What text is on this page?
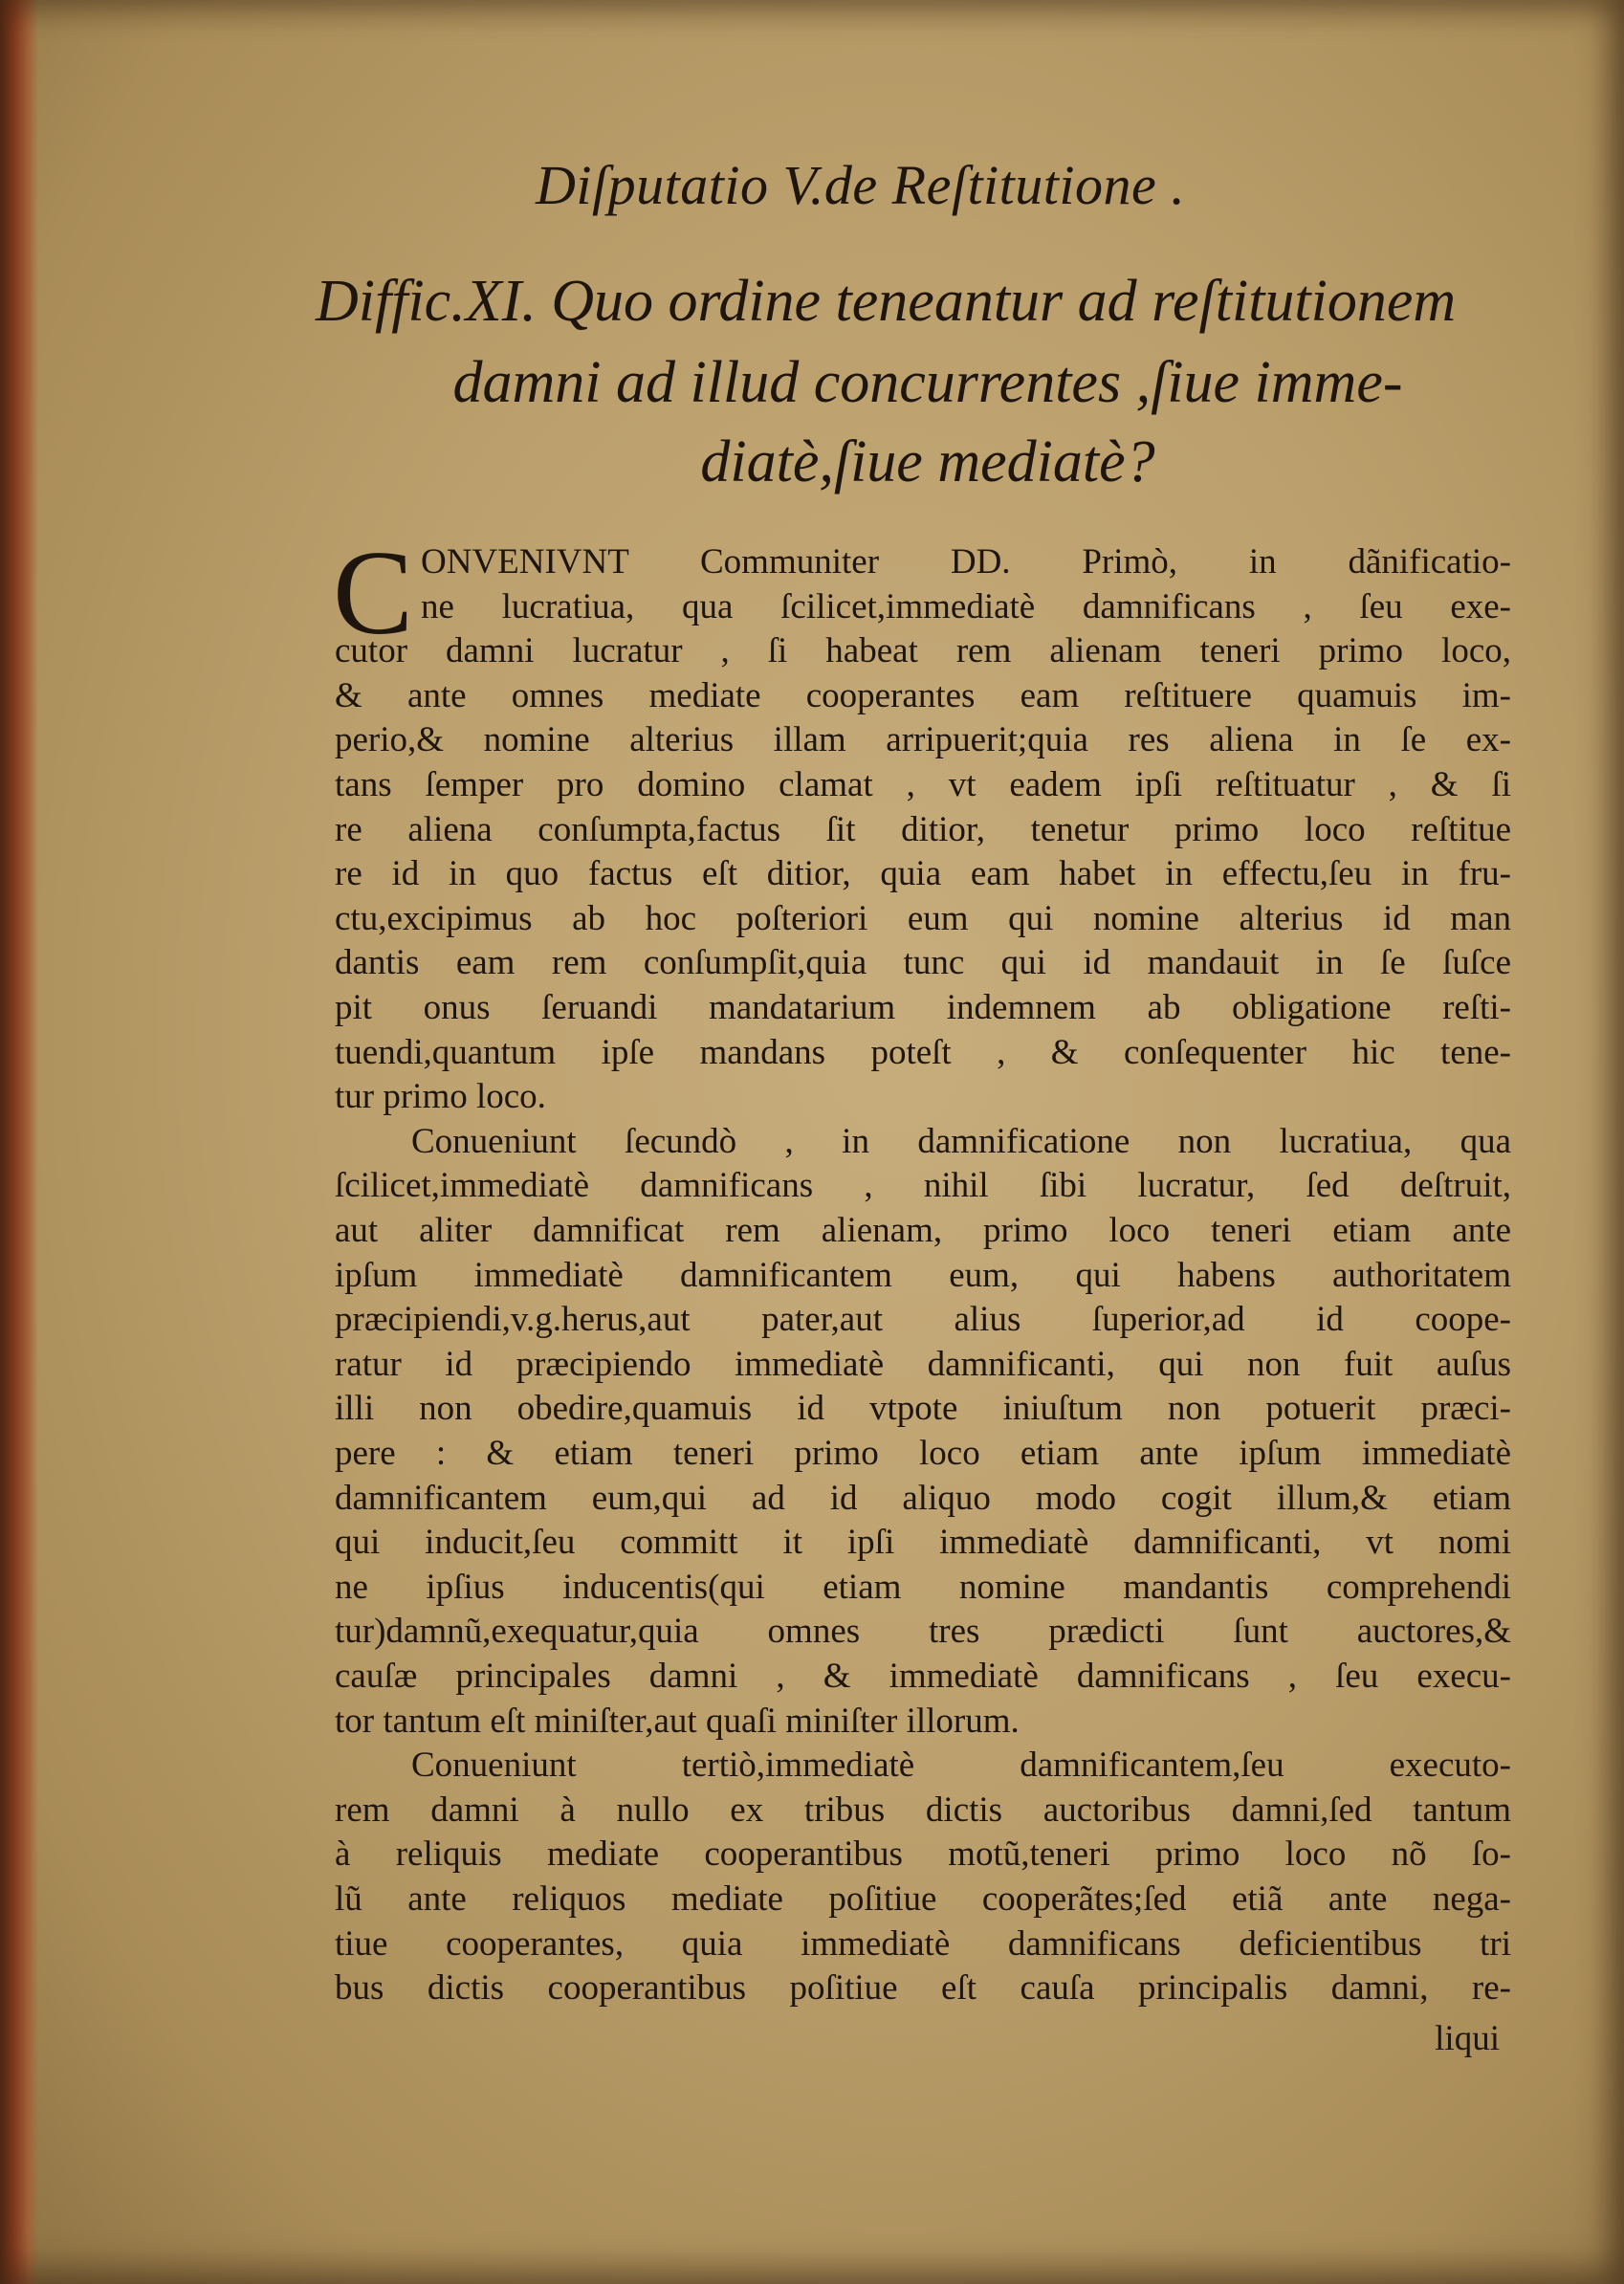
Diſputatio V.de Reſtitutione .
Diffic.XI. Quo ordine teneantur ad reſtitutionem
damni ad illud concurrentes ,ſiue imme-
diatè,ſiue mediatè?
C ONVENIVNT Communiter DD. Primò, in dãnificatio-
ne lucratiua, qua ſcilicet,immediatè damnificans , ſeu exe-
cutor damni lucratur , ſi habeat rem alienam teneri primo loco,
& ante omnes mediate cooperantes eam reſtituere quamuis im-
perio,& nomine alterius illam arripuerit;quia res aliena in ſe ex-
tans ſemper pro domino clamat , vt eadem ipſi reſtituatur , & ſi
re aliena conſumpta,factus ſit ditior, tenetur primo loco reſtitue
re id in quo factus eſt ditior, quia eam habet in effectu,ſeu in fru-
ctu,excipimus ab hoc poſteriori eum qui nomine alterius id man
dantis eam rem conſumpſit,quia tunc qui id mandauit in ſe ſuſce
pit onus ſeruandi mandatarium indemnem ab obligatione reſti-
tuendi,quantum ipſe mandans poteſt , & conſequenter hic tene-
tur primo loco.
Conueniunt ſecundò , in damnificatione non lucratiua, qua
ſcilicet,immediatè damnificans , nihil ſibi lucratur, ſed deſtruit,
aut aliter damnificat rem alienam, primo loco teneri etiam ante
ipſum immediatè damnificantem eum, qui habens authoritatem
præcipiendi,v.g.herus,aut pater,aut alius ſuperior,ad id coope-
ratur id præcipiendo immediatè damnificanti, qui non fuit auſus
illi non obedire,quamuis id vtpote iniuſtum non potuerit præci-
pere : & etiam teneri primo loco etiam ante ipſum immediatè
damnificantem eum,qui ad id aliquo modo cogit illum,& etiam
qui inducit,ſeu committ it ipſi immediatè damnificanti, vt nomi
ne ipſius inducentis(qui etiam nomine mandantis comprehendi
tur)damnũ,exequatur,quia omnes tres prædicti ſunt auctores,&
cauſæ principales damni , & immediatè damnificans , ſeu execu-
tor tantum eſt miniſter,aut quaſi miniſter illorum.
Conueniunt tertiò,immediatè damnificantem,ſeu executo-
rem damni à nullo ex tribus dictis auctoribus damni,ſed tantum
à reliquis mediate cooperantibus motũ,teneri primo loco nõ ſo-
lũ ante reliquos mediate poſitiue cooperãtes;ſed etiã ante nega-
tiue cooperantes, quia immediatè damnificans deficientibus tri
bus dictis cooperantibus poſitiue eſt cauſa principalis damni, re-
liqui
